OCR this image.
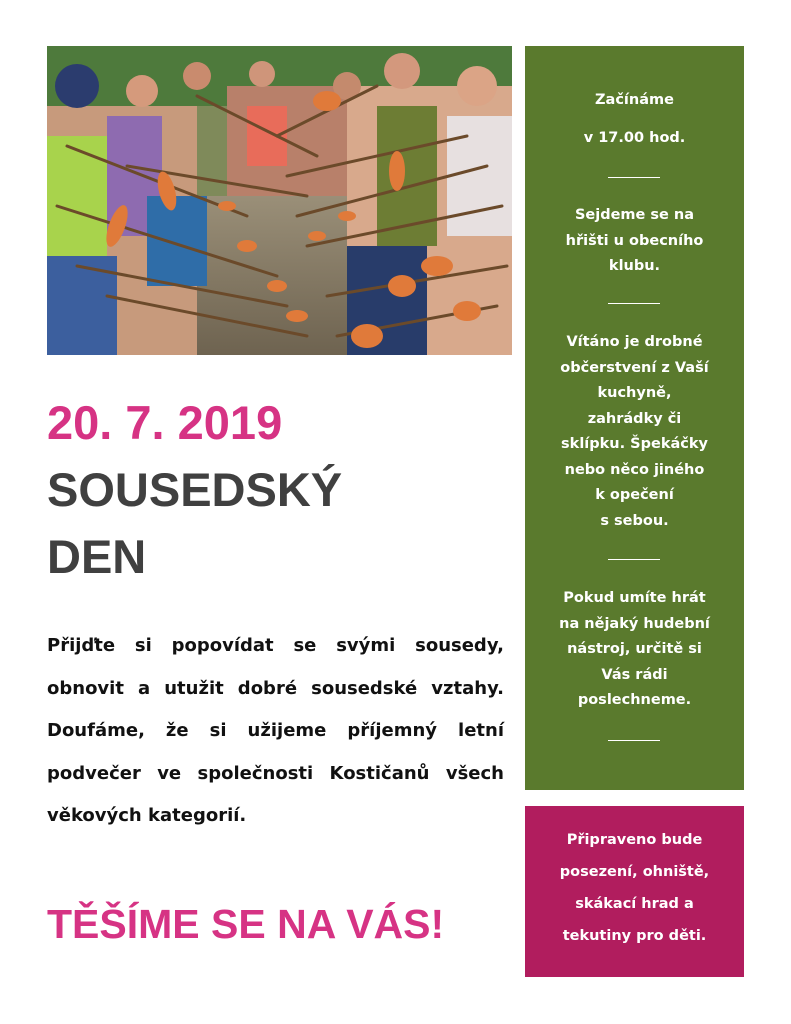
20. 7. 2019
SOUSEDSKÝ
DEN
Přijďte si popovídat se svými sousedy, obnovit a utužit dobré sousedské vztahy. Doufáme, že si užijeme příjemný letní podvečer ve společnosti Kostičanů všech věkových kategorií.
TĚŠÍME SE NA VÁS!
Začínáme
v 17.00 hod.
Sejdeme se na
hřišti u obecního
klubu.
Vítáno je drobné
občerstvení z Vaší
kuchyně,
zahrádky či
sklípku. Špekáčky
nebo něco jiného
k opečení
s sebou.
Pokud umíte hrát
na nějaký hudební
nástroj, určitě si
Vás rádi
poslechneme.
Připraveno bude
posezení, ohniště,
skákací hrad a
tekutiny pro děti.
